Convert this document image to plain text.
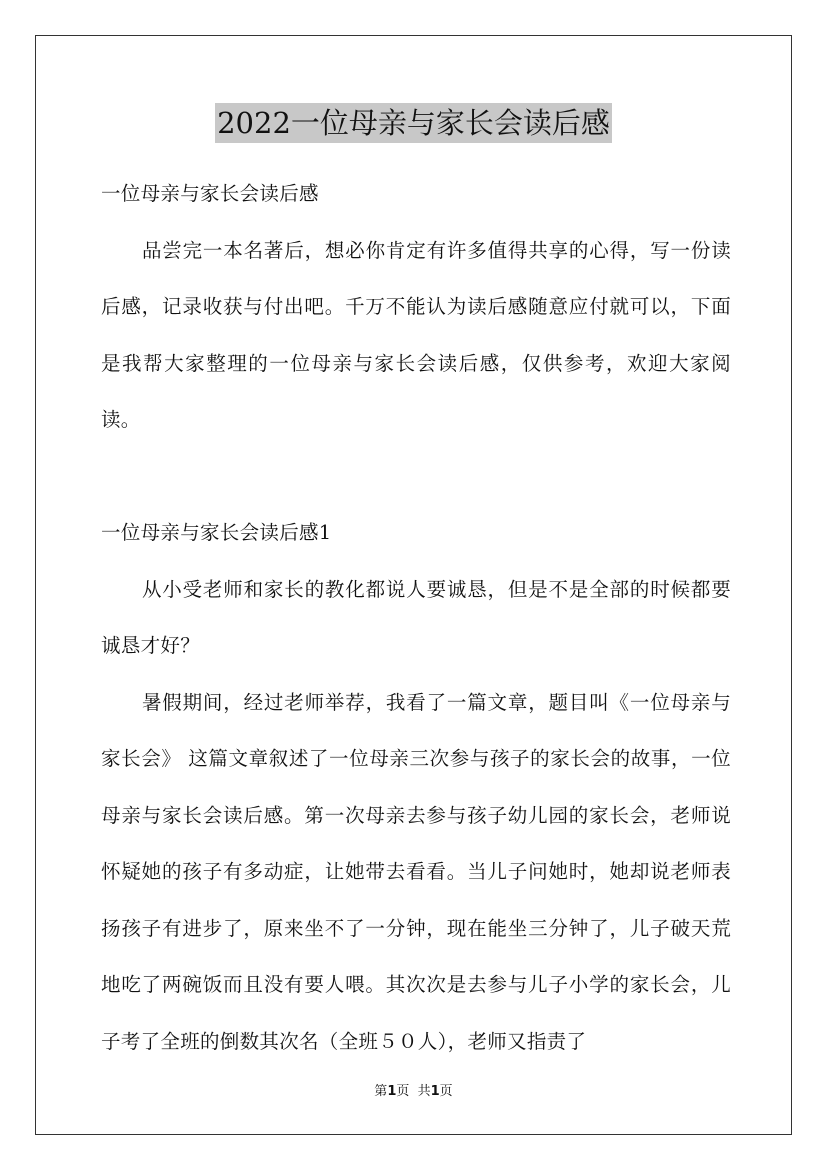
2022一位母亲与家长会读后感

一位母亲与家长会读后感

品尝完一本名著后，想必你肯定有许多值得共享的心得，写一份读后感，记录收获与付出吧。千万不能认为读后感随意应付就可以，下面是我帮大家整理的一位母亲与家长会读后感，仅供参考，欢迎大家阅读。

一位母亲与家长会读后感1

从小受老师和家长的教化都说人要诚恳，但是不是全部的时候都要诚恳才好？

暑假期间，经过老师举荐，我看了一篇文章，题目叫《一位母亲与家长会》 这篇文章叙述了一位母亲三次参与孩子的家长会的故事，一位母亲与家长会读后感。第一次母亲去参与孩子幼儿园的家长会，老师说怀疑她的孩子有多动症，让她带去看看。当儿子问她时，她却说老师表扬孩子有进步了，原来坐不了一分钟，现在能坐三分钟了，儿子破天荒地吃了两碗饭而且没有要人喂。其次次是去参与儿子小学的家长会，儿子考了全班的倒数其次名（全班５０人），老师又指责了

第1页  共1页
